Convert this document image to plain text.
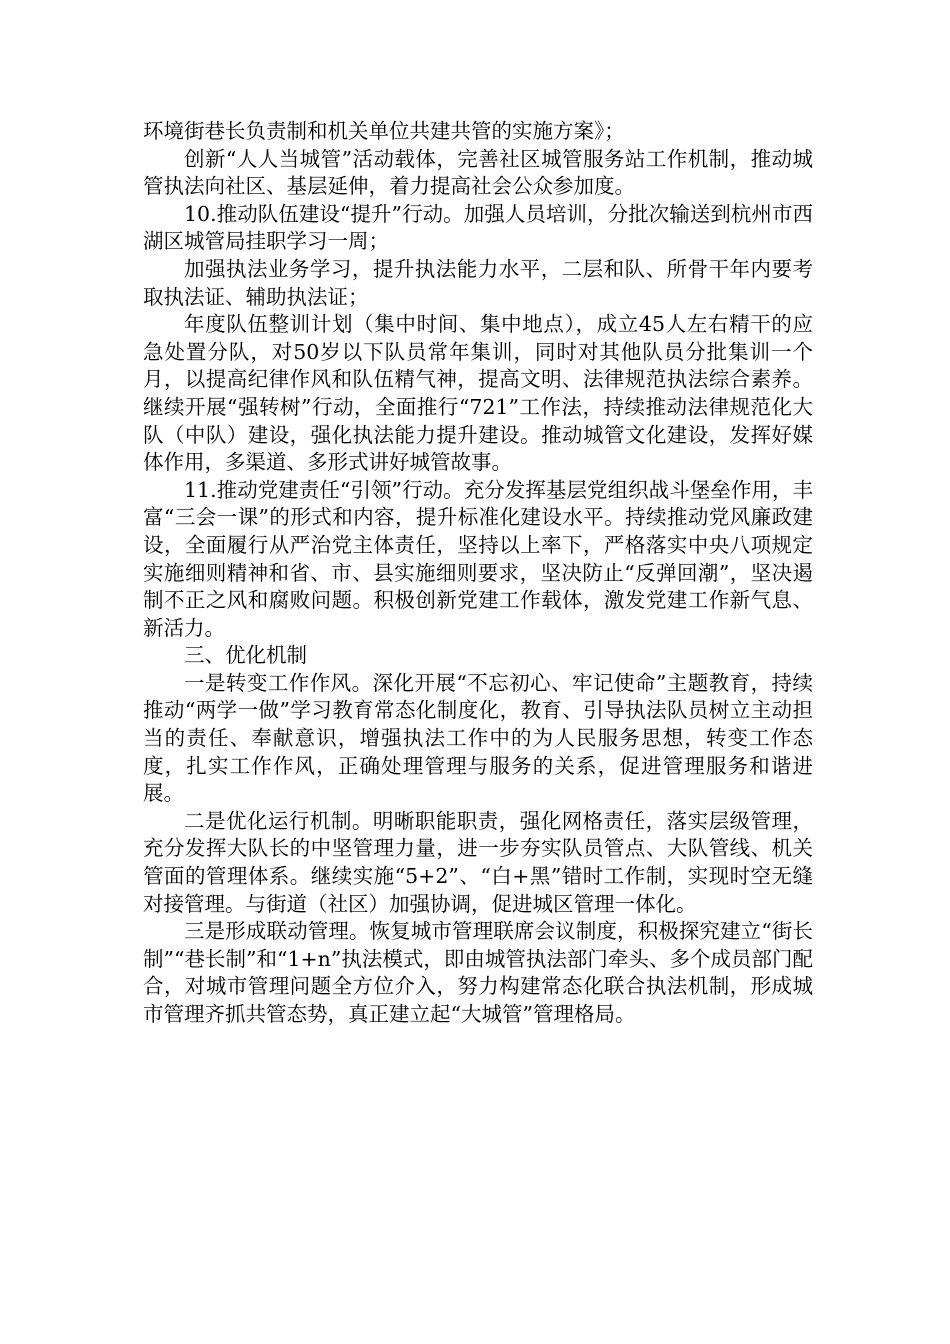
环境街巷长负责制和机关单位共建共管的实施方案》；

创新“人人当城管”活动载体，完善社区城管服务站工作机制，推动城管执法向社区、基层延伸，着力提高社会公众参加度。

10.推动队伍建设“提升”行动。加强人员培训，分批次输送到杭州市西湖区城管局挂职学习一周；

加强执法业务学习，提升执法能力水平，二层和队、所骨干年内要考取执法证、辅助执法证；

年度队伍整训计划（集中时间、集中地点），成立45人左右精干的应急处置分队，对50岁以下队员常年集训，同时对其他队员分批集训一个月，以提高纪律作风和队伍精气神，提高文明、法律规范执法综合素养。继续开展“强转树”行动，全面推行“721”工作法，持续推动法律规范化大队（中队）建设，强化执法能力提升建设。推动城管文化建设，发挥好媒体作用，多渠道、多形式讲好城管故事。

11.推动党建责任“引领”行动。充分发挥基层党组织战斗堡垒作用，丰富“三会一课”的形式和内容，提升标准化建设水平。持续推动党风廉政建设，全面履行从严治党主体责任，坚持以上率下，严格落实中央八项规定实施细则精神和省、市、县实施细则要求，坚决防止“反弹回潮”，坚决遏制不正之风和腐败问题。积极创新党建工作载体，激发党建工作新气息、新活力。

三、优化机制

一是转变工作作风。深化开展“不忘初心、牢记使命”主题教育，持续推动“两学一做”学习教育常态化制度化，教育、引导执法队员树立主动担当的责任、奉献意识，增强执法工作中的为人民服务思想，转变工作态度，扎实工作作风，正确处理管理与服务的关系，促进管理服务和谐进展。

二是优化运行机制。明晰职能职责，强化网格责任，落实层级管理，充分发挥大队长的中坚管理力量，进一步夯实队员管点、大队管线、机关管面的管理体系。继续实施“5+2”、“白+黑”错时工作制，实现时空无缝对接管理。与街道（社区）加强协调，促进城区管理一体化。

三是形成联动管理。恢复城市管理联席会议制度，积极探究建立“街长制”“巷长制”和“1+n”执法模式，即由城管执法部门牵头、多个成员部门配合，对城市管理问题全方位介入，努力构建常态化联合执法机制，形成城市管理齐抓共管态势，真正建立起“大城管”管理格局。
